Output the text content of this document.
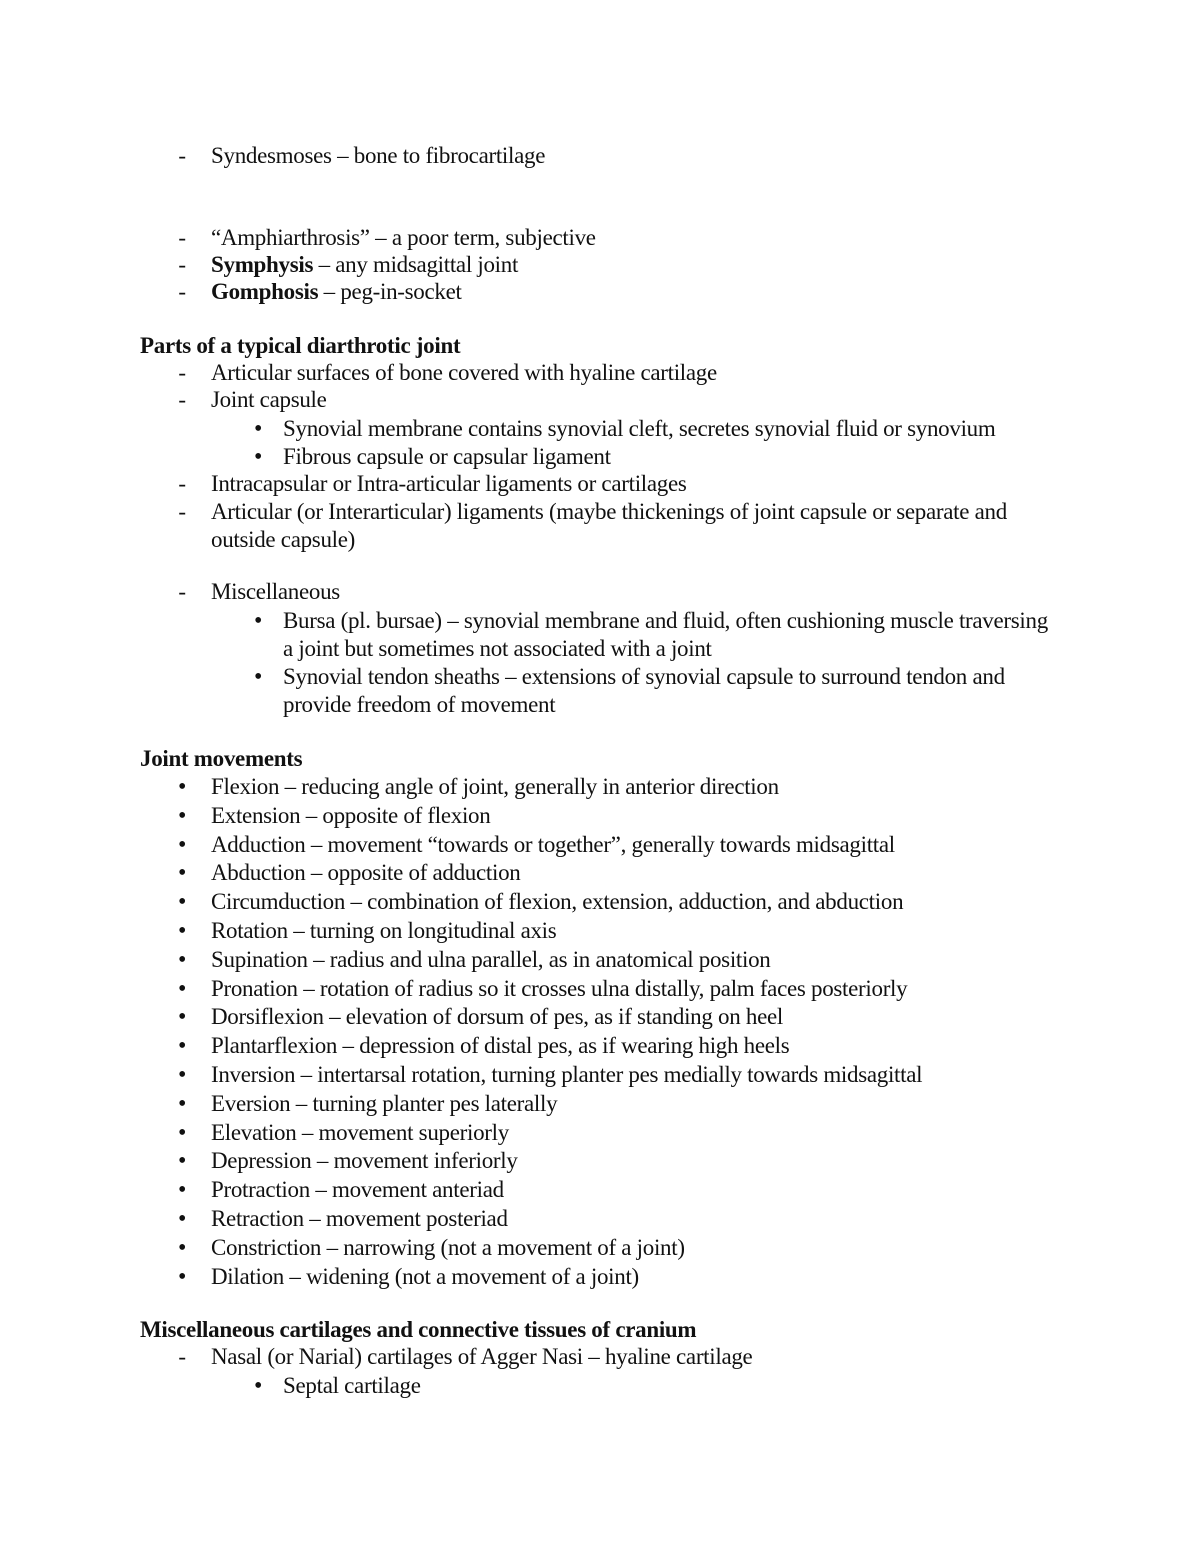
-
Syndesmoses – bone to fibrocartilage
-
“Amphiarthrosis” – a poor term, subjective
-
Symphysis – any midsagittal joint
-
Gomphosis – peg-in-socket
Parts of a typical diarthrotic joint
-
Articular surfaces of bone covered with hyaline cartilage
-
Joint capsule
•
Synovial membrane contains synovial cleft, secretes synovial fluid or synovium
•
Fibrous capsule or capsular ligament
-
Intracapsular or Intra-articular ligaments or cartilages
-
Articular (or Interarticular) ligaments (maybe thickenings of joint capsule or separate and outside capsule)
-
Miscellaneous
•
Bursa (pl. bursae) – synovial membrane and fluid, often cushioning muscle traversing a joint but sometimes not associated with a joint
•
Synovial tendon sheaths – extensions of synovial capsule to surround tendon and provide freedom of movement
Joint movements
•
Flexion – reducing angle of joint, generally in anterior direction
•
Extension – opposite of flexion
•
Adduction – movement “towards or together”, generally towards midsagittal
•
Abduction – opposite of adduction
•
Circumduction – combination of flexion, extension, adduction, and abduction
•
Rotation – turning on longitudinal axis
•
Supination – radius and ulna parallel, as in anatomical position
•
Pronation – rotation of radius so it crosses ulna distally, palm faces posteriorly
•
Dorsiflexion – elevation of dorsum of pes, as if standing on heel
•
Plantarflexion – depression of distal pes, as if wearing high heels
•
Inversion – intertarsal rotation, turning planter pes medially towards midsagittal
•
Eversion – turning planter pes laterally
•
Elevation – movement superiorly
•
Depression – movement inferiorly
•
Protraction – movement anteriad
•
Retraction – movement posteriad
•
Constriction – narrowing (not a movement of a joint)
•
Dilation – widening (not a movement of a joint)
Miscellaneous cartilages and connective tissues of cranium
-
Nasal (or Narial) cartilages of Agger Nasi – hyaline cartilage
•
Septal cartilage
